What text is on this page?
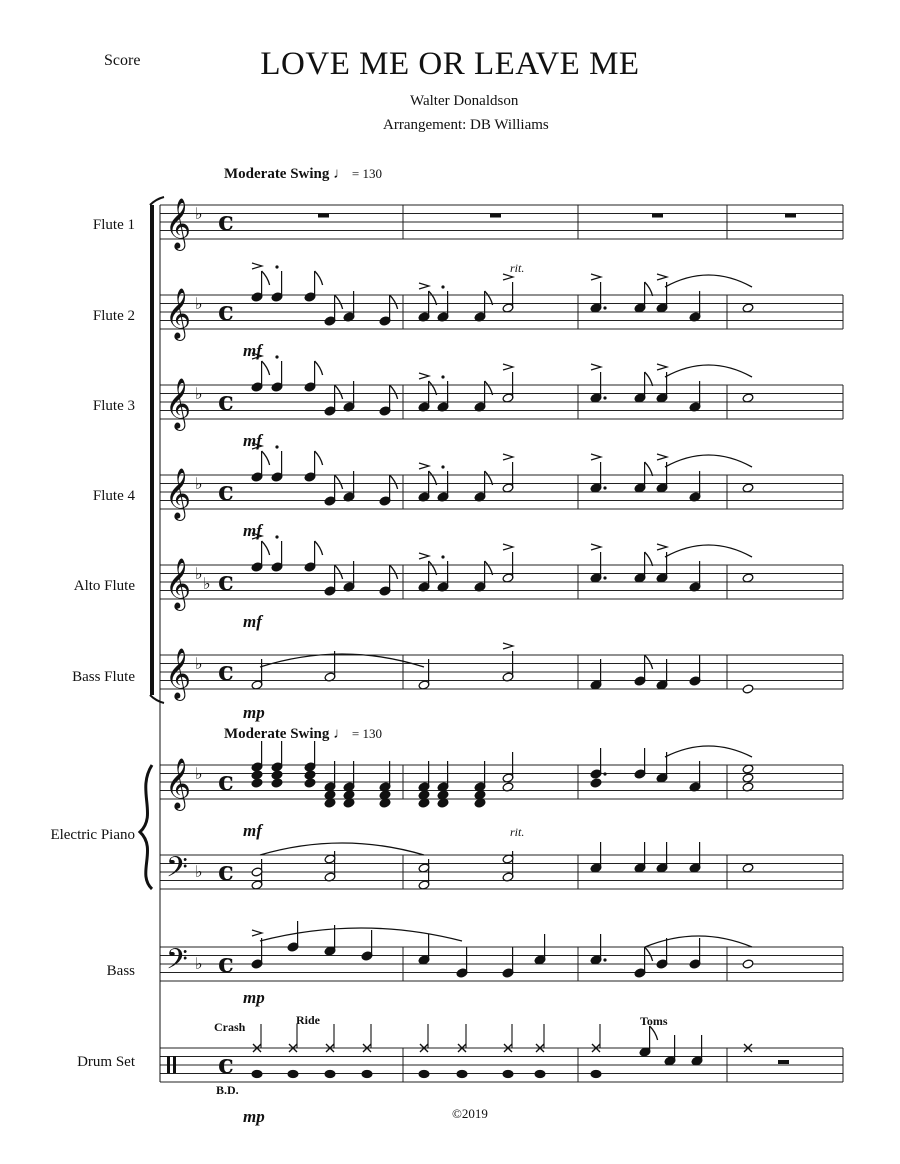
Score	LOVE ME OR LEAVE ME
Walter Donaldson
Arrangement: DB Williams
Moderate Swing ♩ = 130
Moderate Swing ♩ = 130
Flute 1
Flute 2
Flute 3
Flute 4
Alto Flute
Bass Flute
Electric Piano
Bass
Drum Set
©2019
𝄞 ♭ c
𝄞 ♭ c
𝄞 ♭ c
𝄞 ♭ c
𝄞 ♭
♭ c
𝄞 ♭ c
𝄞 ♭ c
𝄢 ♭ c
𝄢 ♭ c
c
mf
mf
mf
mf
mp
mf
mp
mp
rit.
rit.
Crash	Ride	Toms
B.D.
